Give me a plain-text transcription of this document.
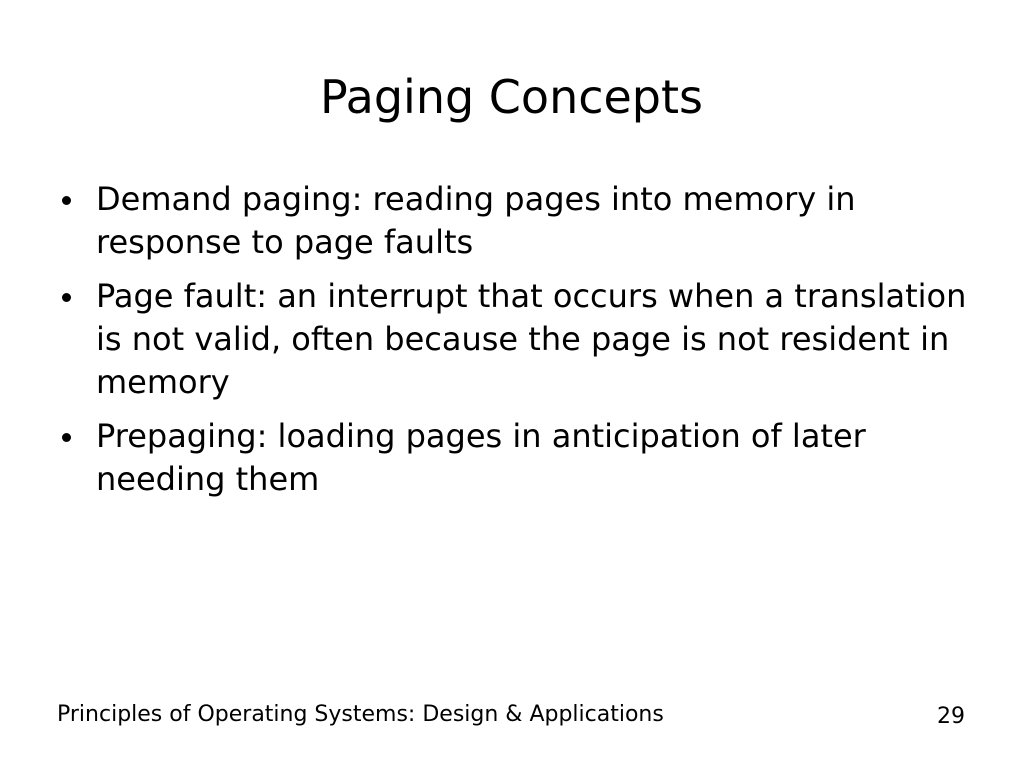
Paging Concepts
Demand paging: reading pages into memory in response to page faults
Page fault: an interrupt that occurs when a translation is not valid, often because the page is not resident in memory
Prepaging: loading pages in anticipation of later needing them
Principles of Operating Systems: Design & Applications	29
